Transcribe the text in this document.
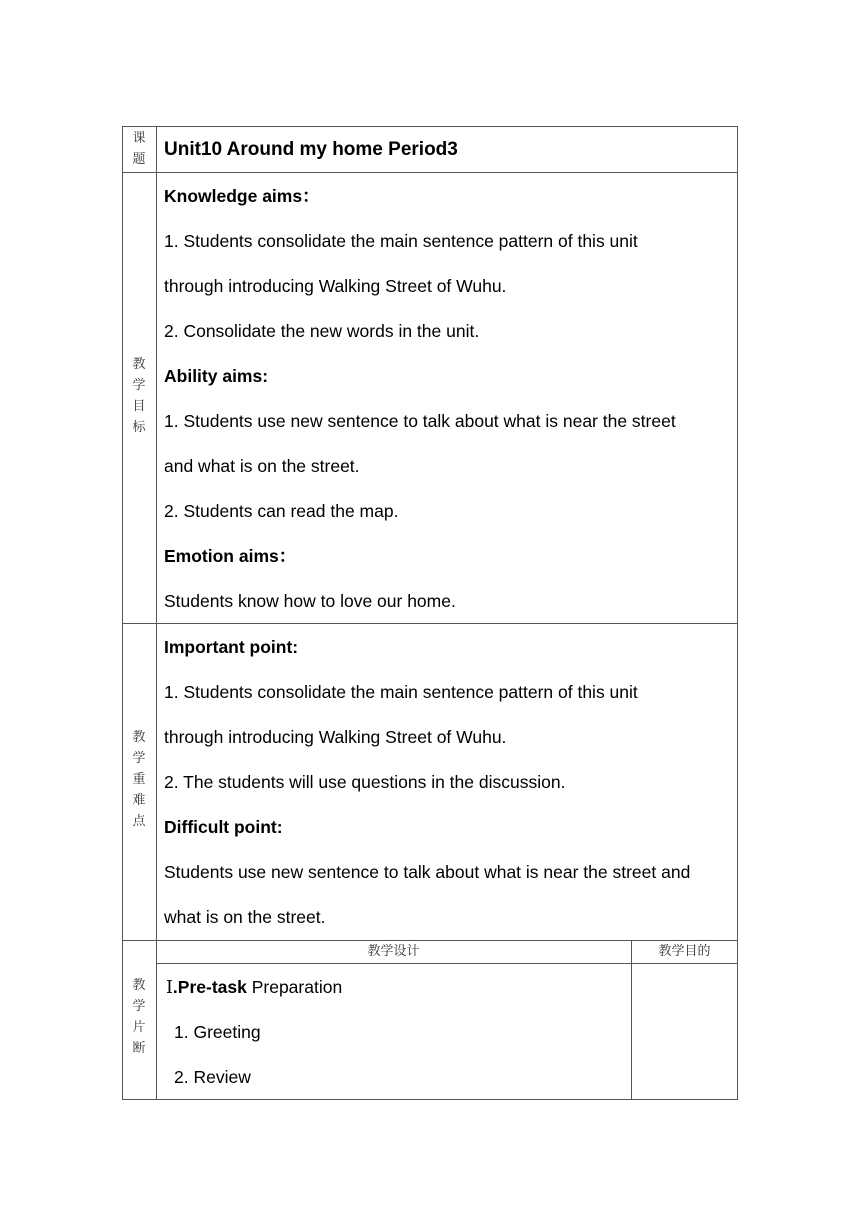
课
题 Unit10 Around my home Period3
教
学
目
标
Knowledge aims：
1. Students consolidate the main sentence pattern of this unit
through introducing Walking Street of Wuhu.
2. Consolidate the new words in the unit.
Ability aims:
1. Students use new sentence to talk about what is near the street
and what is on the street.
2. Students can read the map.
Emotion aims：
Students know how to love our home.
教
学
重
难
点
Important point:
1. Students consolidate the main sentence pattern of this unit
through introducing Walking Street of Wuhu.
2. The students will use questions in the discussion.
Difficult point:
Students use new sentence to talk about what is near the street and
what is on the street.
教
学
片
断
教学设计	教学目的
Ⅰ.Pre-task Preparation
1. Greeting
2. Review
